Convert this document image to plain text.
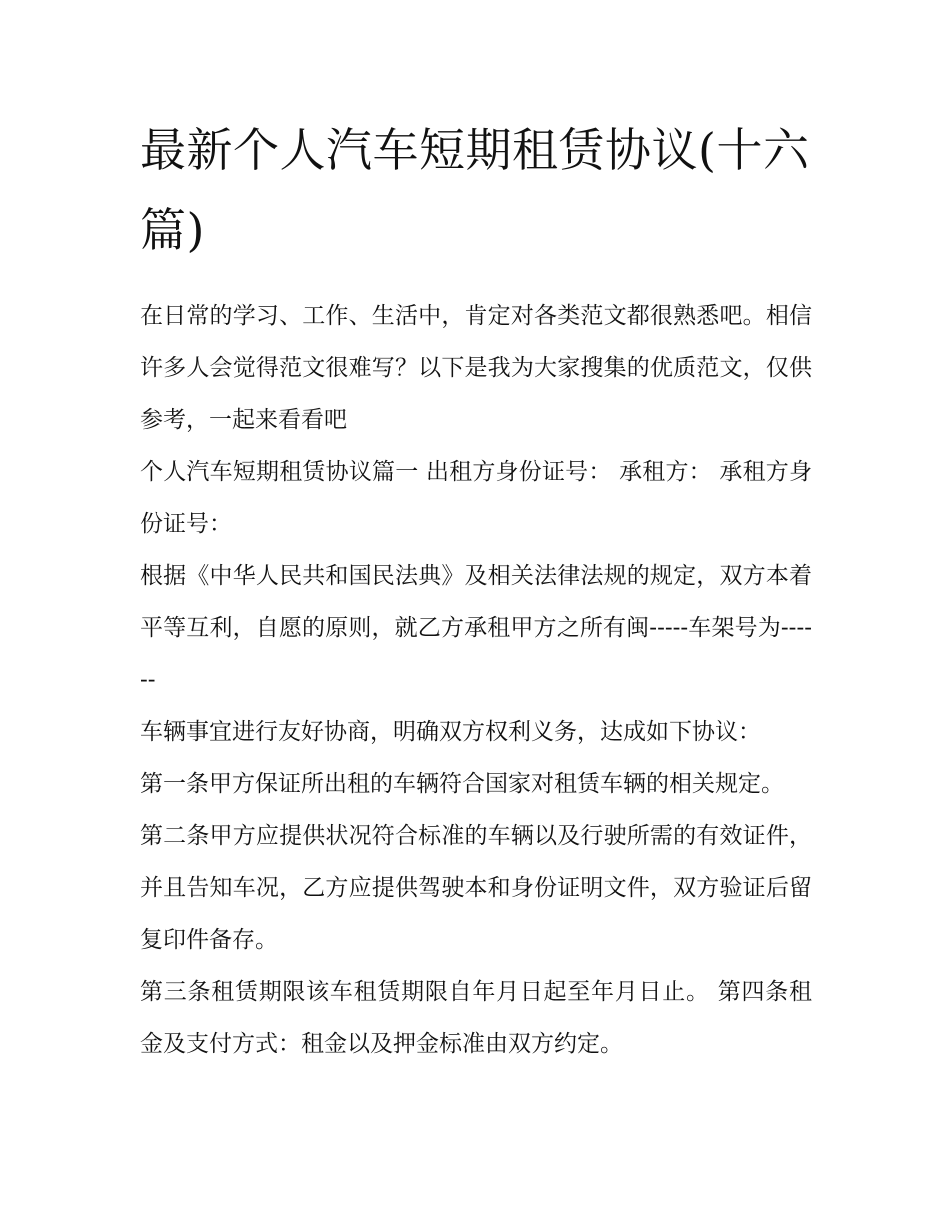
最新个人汽车短期租赁协议(十六篇)

在日常的学习、工作、生活中，肯定对各类范文都很熟悉吧。相信许多人会觉得范文很难写？以下是我为大家搜集的优质范文，仅供参考，一起来看看吧

个人汽车短期租赁协议篇一 出租方身份证号： 承租方： 承租方身份证号：

根据《中华人民共和国民法典》及相关法律法规的规定，双方本着平等互利，自愿的原则，就乙方承租甲方之所有闽-----车架号为------

车辆事宜进行友好协商，明确双方权利义务，达成如下协议：

第一条甲方保证所出租的车辆符合国家对租赁车辆的相关规定。

第二条甲方应提供状况符合标准的车辆以及行驶所需的有效证件，并且告知车况，乙方应提供驾驶本和身份证明文件，双方验证后留复印件备存。

第三条租赁期限该车租赁期限自年月日起至年月日止。 第四条租金及支付方式：租金以及押金标准由双方约定。
